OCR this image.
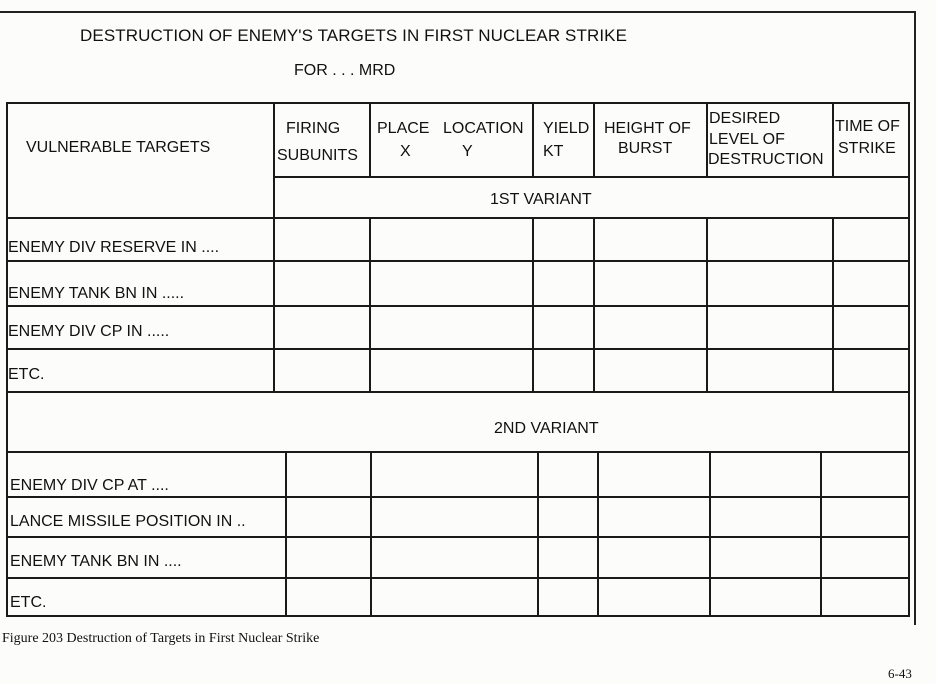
DESTRUCTION OF ENEMY'S TARGETS IN FIRST NUCLEAR STRIKE
FOR . . . MRD
VULNERABLE TARGETS
FIRING
SUBUNITS
PLACE
X
LOCATION
Y
YIELD
KT
HEIGHT OF
BURST
DESIRED
LEVEL OF
DESTRUCTION
TIME OF
STRIKE
1ST VARIANT
ENEMY DIV RESERVE IN ....
ENEMY TANK BN IN .....
ENEMY DIV CP IN .....
ETC.
2ND VARIANT
ENEMY DIV CP AT ....
LANCE MISSILE POSITION IN ..
ENEMY TANK BN IN ....
ETC.
Figure 203 Destruction of Targets in First Nuclear Strike
6-43
